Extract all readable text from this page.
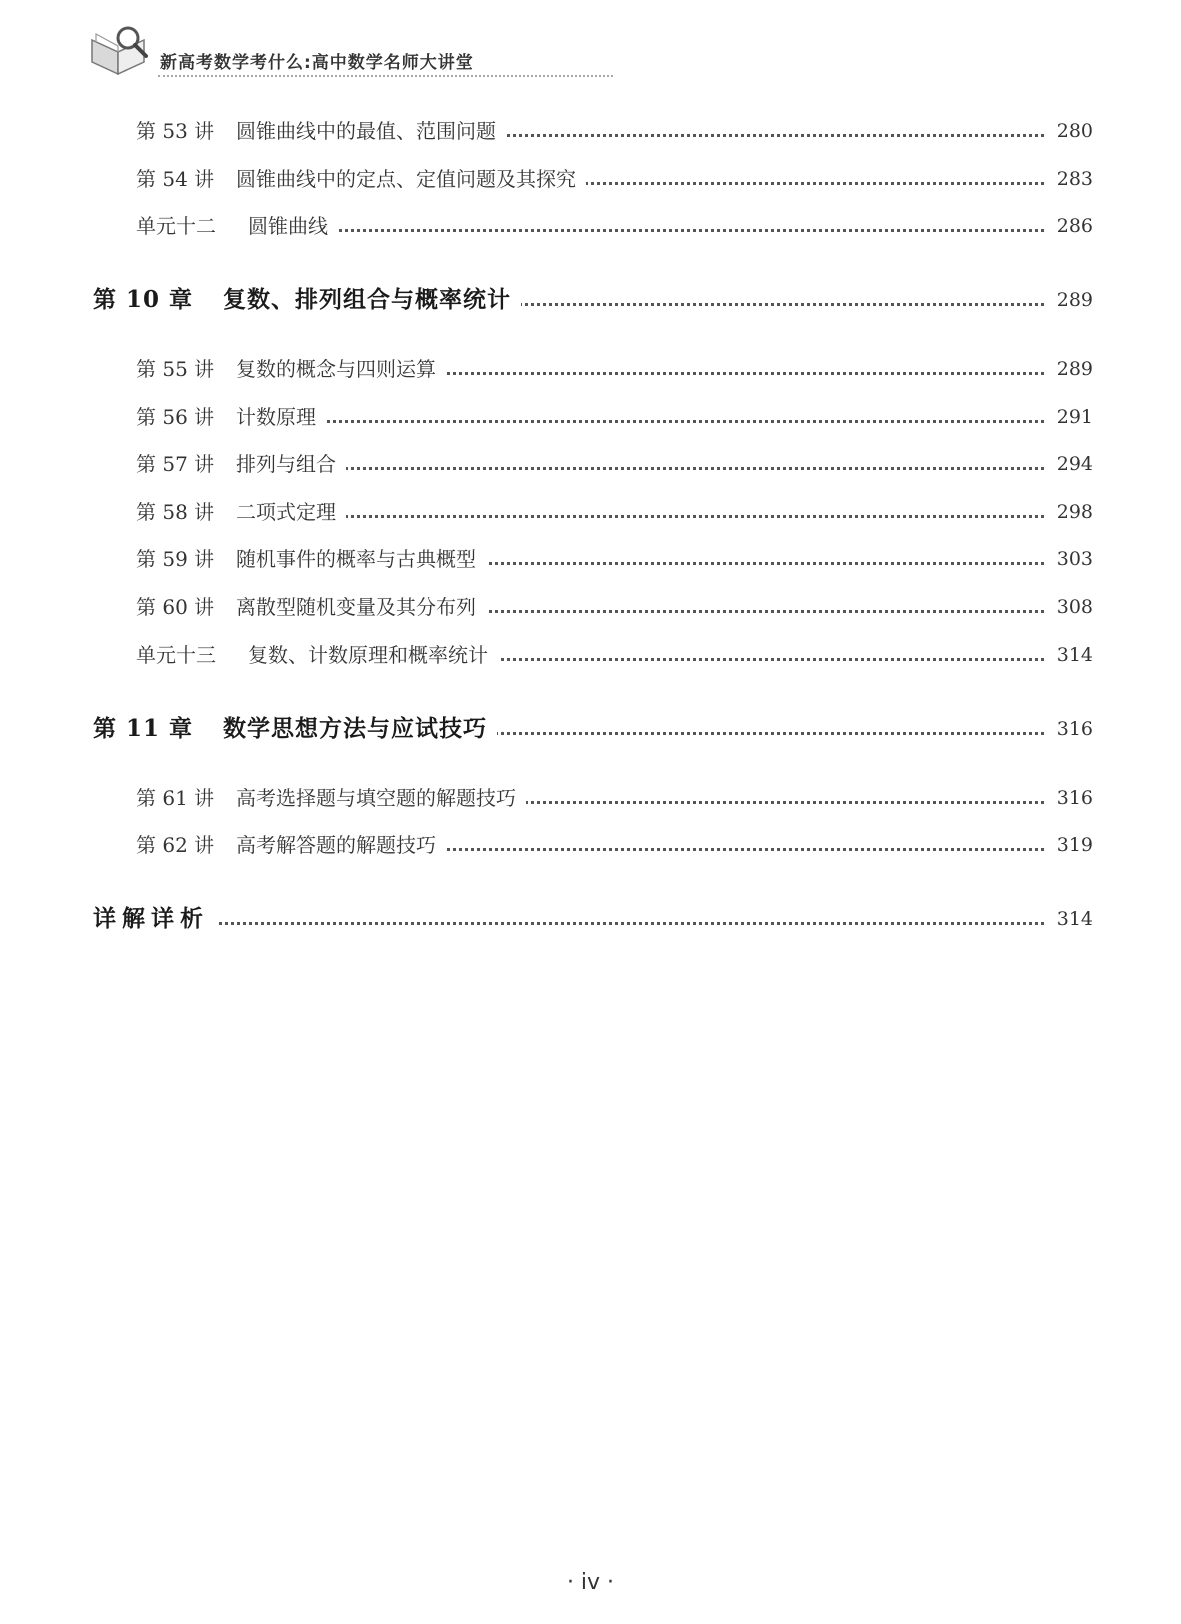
新高考数学考什么:高中数学名师大讲堂
第 53 讲 圆锥曲线中的最值、范围问题	280
第 54 讲 圆锥曲线中的定点、定值问题及其探究	283
单元十二 圆锥曲线	286
第 10 章 复数、排列组合与概率统计	289
第 55 讲 复数的概念与四则运算	289
第 56 讲 计数原理	291
第 57 讲 排列与组合	294
第 58 讲 二项式定理	298
第 59 讲 随机事件的概率与古典概型	303
第 60 讲 离散型随机变量及其分布列	308
单元十三 复数、计数原理和概率统计	314
第 11 章 数学思想方法与应试技巧	316
第 61 讲 高考选择题与填空题的解题技巧	316
第 62 讲 高考解答题的解题技巧	319
详解详析	314
· iv ·
